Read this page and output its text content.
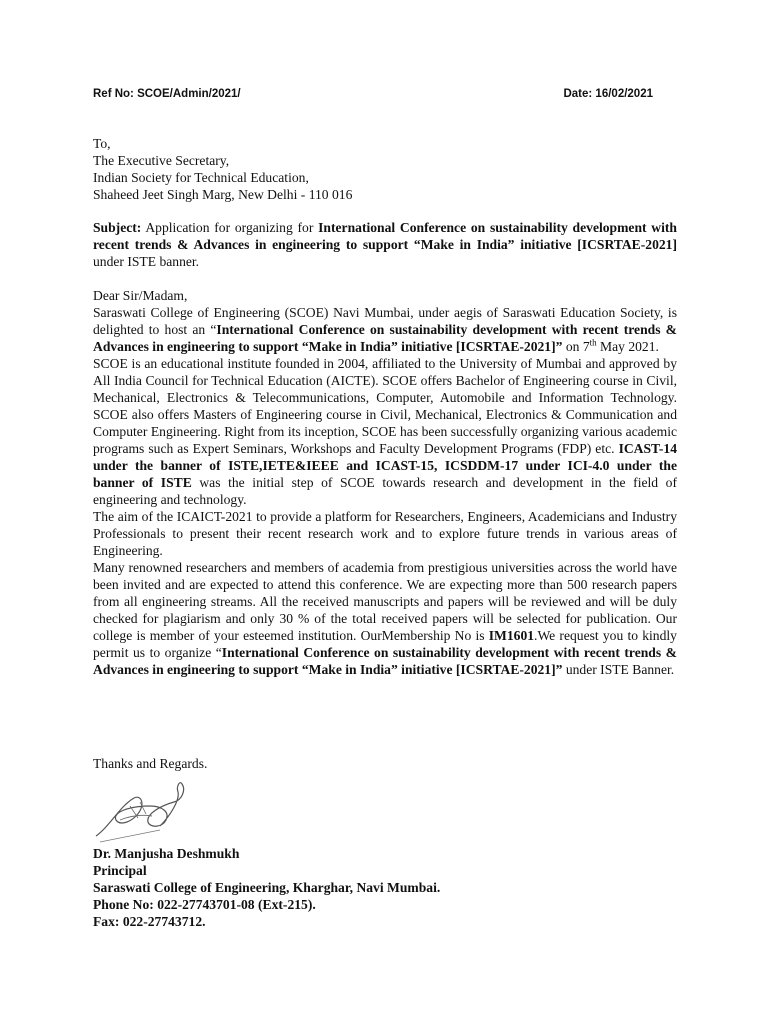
Ref No: SCOE/Admin/2021/	Date: 16/02/2021
To,
The Executive Secretary,
Indian Society for Technical Education,
Shaheed Jeet Singh Marg, New Delhi - 110 016
Subject: Application for organizing for International Conference on sustainability development with recent trends & Advances in engineering to support “Make in India” initiative [ICSRTAE-2021] under ISTE banner.

Dear Sir/Madam,

Saraswati College of Engineering (SCOE) Navi Mumbai, under aegis of Saraswati Education Society, is delighted to host an “International Conference on sustainability development with recent trends & Advances in engineering to support “Make in India” initiative [ICSRTAE-2021]” on 7th May 2021.

SCOE is an educational institute founded in 2004, affiliated to the University of Mumbai and approved by All India Council for Technical Education (AICTE). SCOE offers Bachelor of Engineering course in Civil, Mechanical, Electronics & Telecommunications, Computer, Automobile and Information Technology. SCOE also offers Masters of Engineering course in Civil, Mechanical, Electronics & Communication and Computer Engineering. Right from its inception, SCOE has been successfully organizing various academic programs such as Expert Seminars, Workshops and Faculty Development Programs (FDP) etc. ICAST-14 under the banner of ISTE,IETE&IEEE and ICAST-15, ICSDDM-17 under ICI-4.0 under the banner of ISTE was the initial step of SCOE towards research and development in the field of engineering and technology.

The aim of the ICAICT-2021 to provide a platform for Researchers, Engineers, Academicians and Industry Professionals to present their recent research work and to explore future trends in various areas of Engineering.

Many renowned researchers and members of academia from prestigious universities across the world have been invited and are expected to attend this conference. We are expecting more than 500 research papers from all engineering streams. All the received manuscripts and papers will be reviewed and will be duly checked for plagiarism and only 30 % of the total received papers will be selected for publication. Our college is member of your esteemed institution. OurMembership No is IM1601.We request you to kindly permit us to organize “International Conference on sustainability development with recent trends & Advances in engineering to support “Make in India” initiative [ICSRTAE-2021]” under ISTE Banner.

Thanks and Regards.
Dr. Manjusha Deshmukh
Principal
Saraswati College of Engineering, Kharghar, Navi Mumbai.
Phone No: 022-27743701-08 (Ext-215).
Fax: 022-27743712.
